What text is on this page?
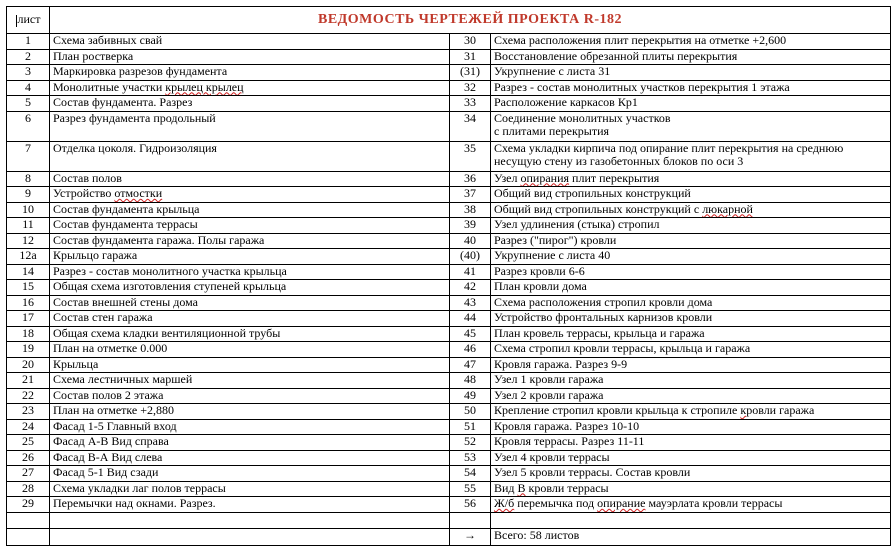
лист	ВЕДОМОСТЬ ЧЕРТЕЖЕЙ ПРОЕКТА R-182		
1	Схема забивных свай	30	Схема расположения плит перекрытия на отметке +2,600
2	План ростверка	31	Восстановление обрезанной плиты перекрытия
3	Маркировка разрезов фундамента	(31)	Укрупнение с листа 31
4	Монолитные участки крылец крылец	32	Разрез - состав монолитных участков перекрытия 1 этажа
5	Состав фундамента. Разрез	33	Расположение каркасов Кр1
6	Разрез фундамента продольный	34	Соединение монолитных участков
с плитами перекрытия
7	Отделка цоколя. Гидроизоляция	35	Схема укладки кирпича под опирание плит перекрытия на среднюю
несущую стену из газобетонных блоков по оси 3
8	Состав полов	36	Узел опирания плит перекрытия
9	Устройство отмостки	37	Общий вид стропильных конструкций
10	Состав фундамента крыльца	38	Общий вид стропильных конструкций с люкарной
11	Состав фундамента террасы	39	Узел удлинения (стыка) стропил
12	Состав фундамента гаража. Полы гаража	40	Разрез ("пирог") кровли
12а	Крыльцо гаража	(40)	Укрупнение с листа 40
14	Разрез - состав монолитного участка крыльца	41	Разрез кровли 6-6
15	Общая схема изготовления ступеней крыльца	42	План кровли дома
16	Состав внешней стены дома	43	Схема расположения стропил кровли дома
17	Состав стен гаража	44	Устройство фронтальных карнизов кровли
18	Общая схема кладки вентиляционной трубы	45	План кровель террасы, крыльца и гаража
19	План на отметке 0.000	46	Схема стропил кровли террасы, крыльца и гаража
20	Крыльца	47	Кровля гаража. Разрез 9-9
21	Схема лестничных маршей	48	Узел 1 кровли гаража
22	Состав полов 2 этажа	49	Узел 2 кровли гаража
23	План на отметке +2,880	50	Крепление стропил кровли крыльца к стропиле кровли гаража
24	Фасад 1-5 Главный вход	51	Кровля гаража. Разрез 10-10
25	Фасад А-В Вид справа	52	Кровля террасы. Разрез 11-11
26	Фасад В-А Вид слева	53	Узел 4 кровли террасы
27	Фасад 5-1 Вид сзади	54	Узел 5 кровли террасы. Состав кровли
28	Схема укладки лаг полов террасы	55	Вид В кровли террасы
29	Перемычки над окнами. Разрез.	56	Ж/б перемычка под опирание мауэрлата кровли террасы

		→	Всего: 58 листов
